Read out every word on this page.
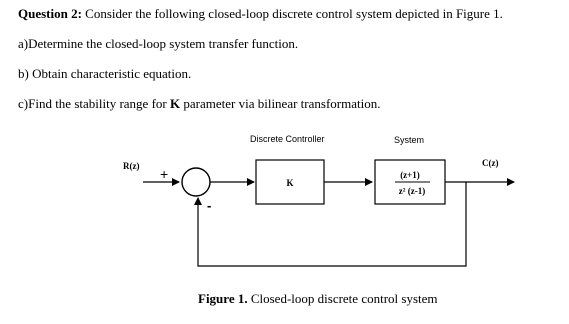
Question 2: Consider the following closed-loop discrete control system depicted in Figure 1.
a)Determine the closed-loop system transfer function.
b) Obtain characteristic equation.
c)Find the stability range for K parameter via bilinear transformation.
Discrete Controller	System
R(z)	C(z)
+
-
K
(z+1)
z² (z-1)
Figure 1. Closed-loop discrete control system
